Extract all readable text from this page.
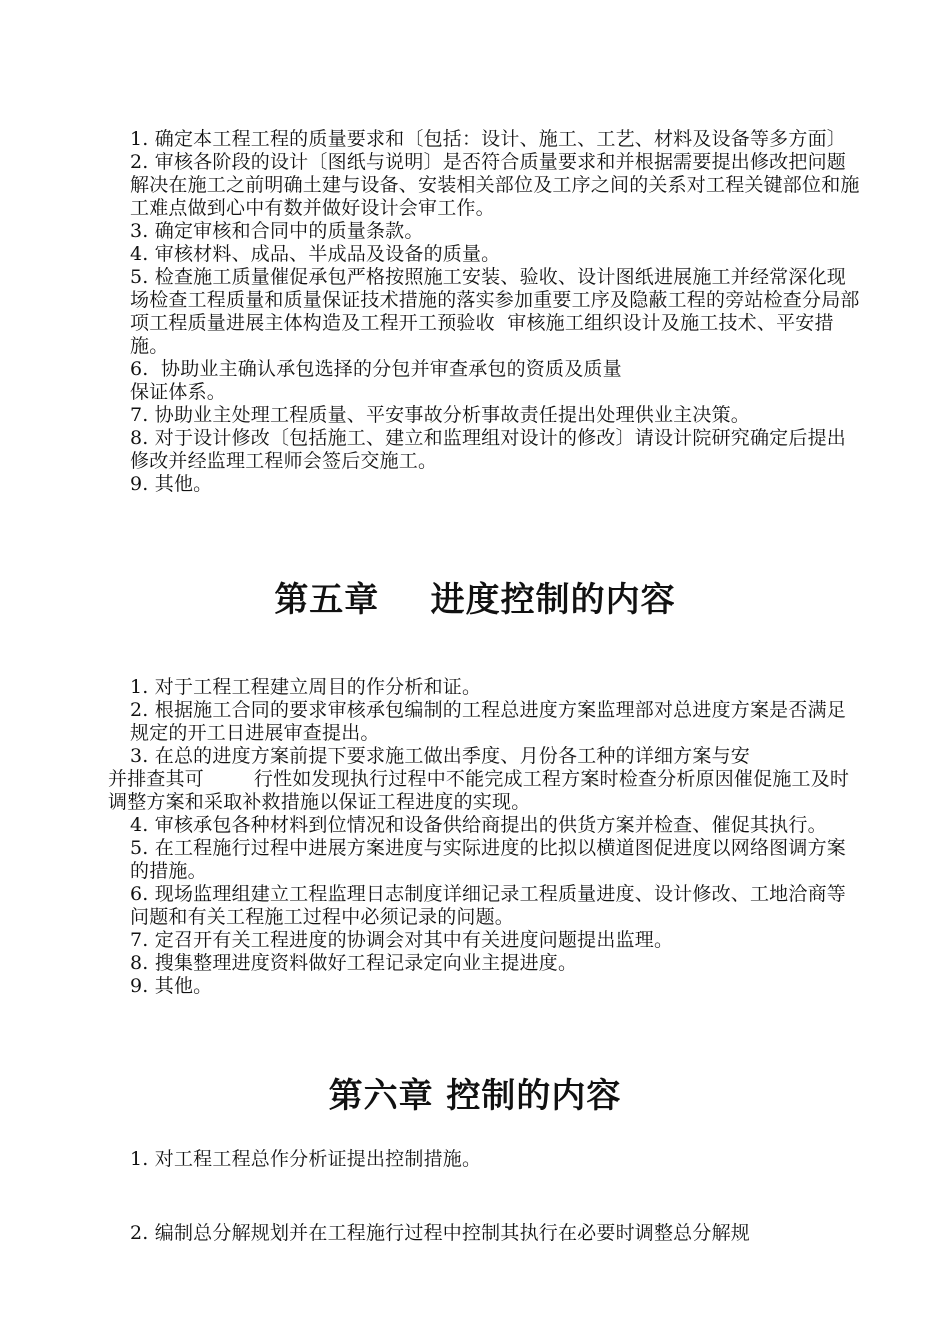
1. 确定本工程工程的质量要求和〔包括：设计、施工、工艺、材料及设备等多方面〕

2. 审核各阶段的设计〔图纸与说明〕是否符合质量要求和并根据需要提出修改把问题解决在施工之前明确土建与设备、安装相关部位及工序之间的关系对工程关键部位和施工难点做到心中有数并做好设计会审工作。

3. 确定审核和合同中的质量条款。

4. 审核材料、成品、半成品及设备的质量。

5. 检查施工质量催促承包严格按照施工安装、验收、设计图纸进展施工并经常深化现场检查工程质量和质量保证技术措施的落实参加重要工序及隐蔽工程的旁站检查分局部项工程质量进展主体构造及工程开工预验收  审核施工组织设计及施工技术、平安措施。

6.  协助业主确认承包选择的分包并审查承包的资质及质量

保证体系。

7. 协助业主处理工程质量、平安事故分析事故责任提出处理供业主决策。

8. 对于设计修改〔包括施工、建立和监理组对设计的修改〕请设计院研究确定后提出修改并经监理工程师会签后交施工。

9. 其他。

第五章    进度控制的内容

1. 对于工程工程建立周目的作分析和证。

2. 根据施工合同的要求审核承包编制的工程总进度方案监理部对总进度方案是否满足规定的开工日进展审查提出。

3. 在总的进度方案前提下要求施工做出季度、月份各工种的详细方案与安

并排查其可        行性如发现执行过程中不能完成工程方案时检查分析原因催促施工及时调整方案和采取补救措施以保证工程进度的实现。

4. 审核承包各种材料到位情况和设备供给商提出的供货方案并检查、催促其执行。

5. 在工程施行过程中进展方案进度与实际进度的比拟以横道图促进度以网络图调方案的措施。

6. 现场监理组建立工程监理日志制度详细记录工程质量进度、设计修改、工地洽商等问题和有关工程施工过程中必须记录的问题。

7. 定召开有关工程进度的协调会对其中有关进度问题提出监理。

8. 搜集整理进度资料做好工程记录定向业主提进度。

9. 其他。

第六章 控制的内容

1. 对工程工程总作分析证提出控制措施。

2. 编制总分解规划并在工程施行过程中控制其执行在必要时调整总分解规
